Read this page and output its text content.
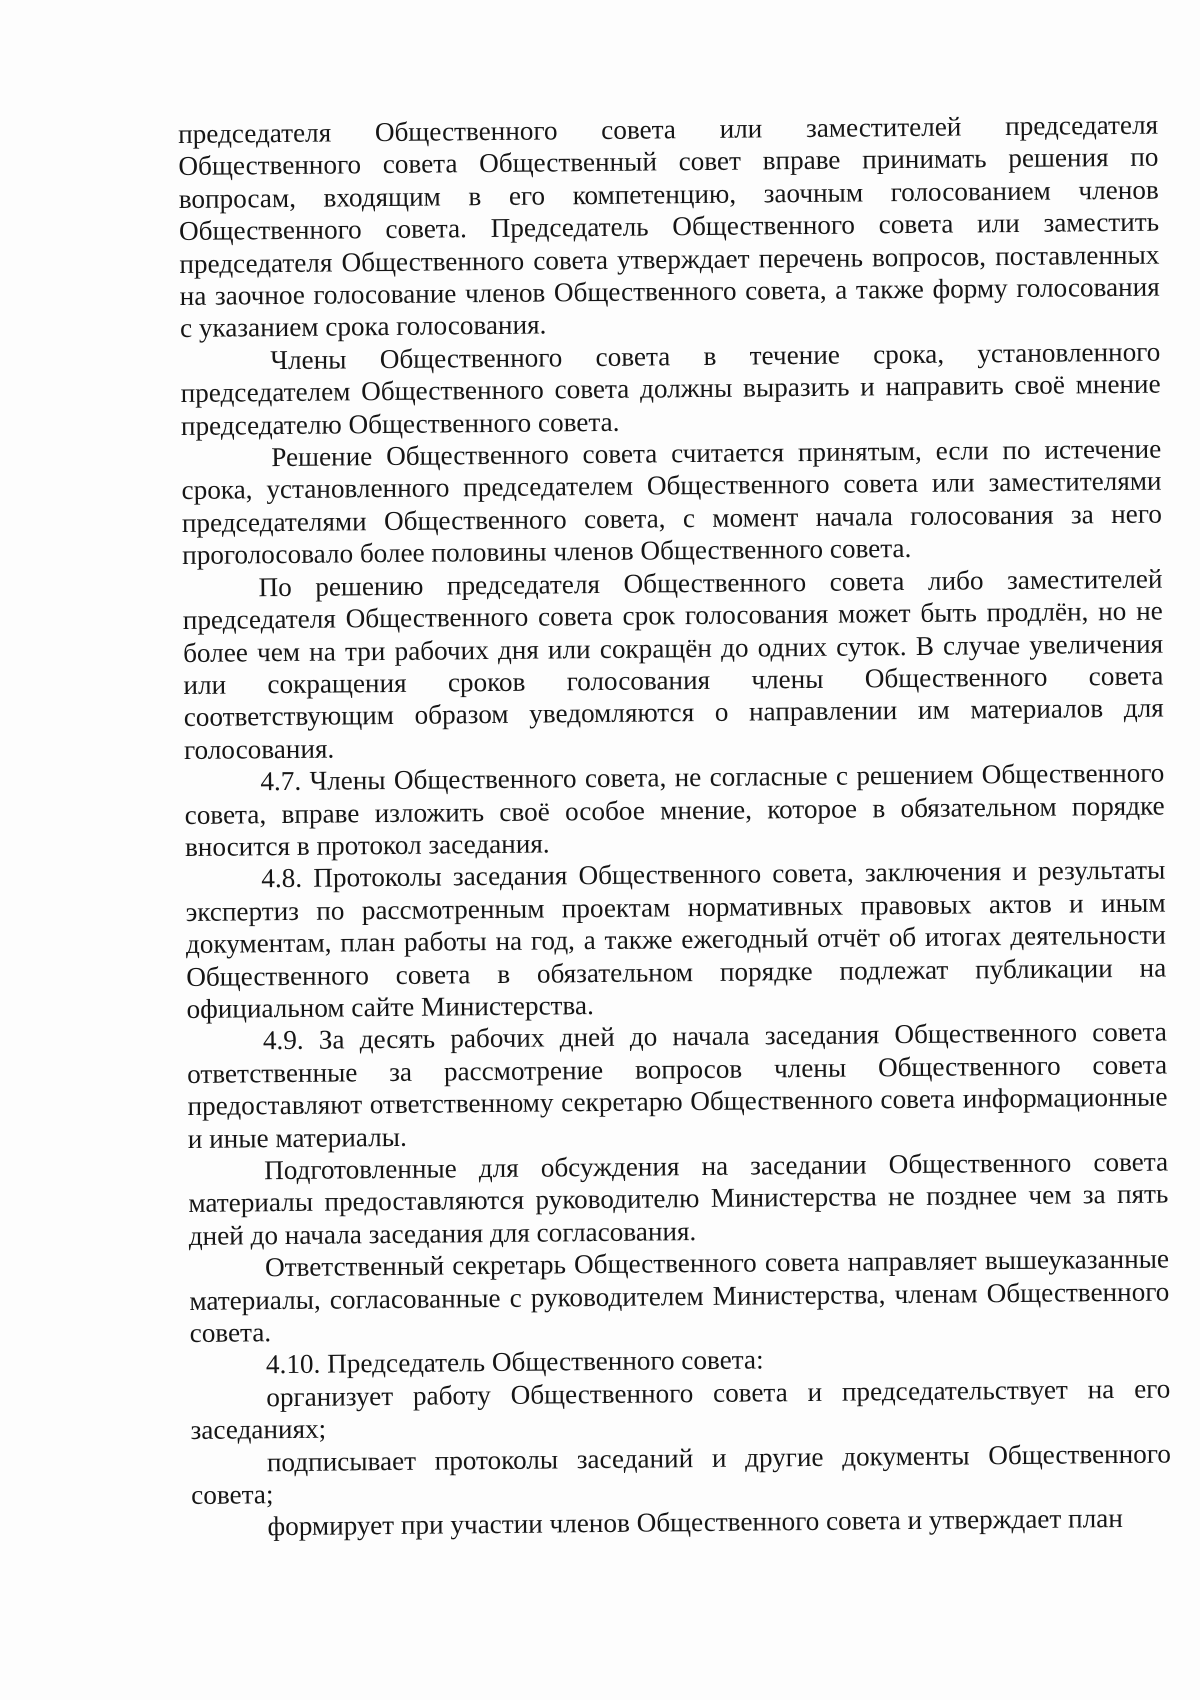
председателя Общественного совета или заместителей председателя Общественного совета Общественный совет вправе принимать решения по вопросам, входящим в его компетенцию, заочным голосованием членов Общественного совета. Председатель Общественного совета или заместить председателя Общественного совета утверждает перечень вопросов, поставленных на заочное голосование членов Общественного совета, а также форму голосования с указанием срока голосования.

Члены Общественного совета в течение срока, установленного председателем Общественного совета должны выразить и направить своё мнение председателю Общественного совета.

Решение Общественного совета считается принятым, если по истечение срока, установленного председателем Общественного совета или заместителями председателями Общественного совета, с момент начала голосования за него проголосовало более половины членов Общественного совета.

По решению председателя Общественного совета либо заместителей председателя Общественного совета срок голосования может быть продлён, но не более чем на три рабочих дня или сокращён до одних суток. В случае увеличения или сокращения сроков голосования члены Общественного совета соответствующим образом уведомляются о направлении им материалов для голосования.

4.7. Члены Общественного совета, не согласные с решением Общественного совета, вправе изложить своё особое мнение, которое в обязательном порядке вносится в протокол заседания.

4.8. Протоколы заседания Общественного совета, заключения и результаты экспертиз по рассмотренным проектам нормативных правовых актов и иным документам, план работы на год, а также ежегодный отчёт об итогах деятельности Общественного совета в обязательном порядке подлежат публикации на официальном сайте Министерства.

4.9. За десять рабочих дней до начала заседания Общественного совета ответственные за рассмотрение вопросов члены Общественного совета предоставляют ответственному секретарю Общественного совета информационные и иные материалы.

Подготовленные для обсуждения на заседании Общественного совета материалы предоставляются руководителю Министерства не позднее чем за пять дней до начала заседания для согласования.

Ответственный секретарь Общественного совета направляет вышеуказанные материалы, согласованные с руководителем Министерства, членам Общественного совета.

4.10. Председатель Общественного совета:

организует работу Общественного совета и председательствует на его заседаниях;

подписывает протоколы заседаний и другие документы Общественного совета;

формирует при участии членов Общественного совета и утверждает план
